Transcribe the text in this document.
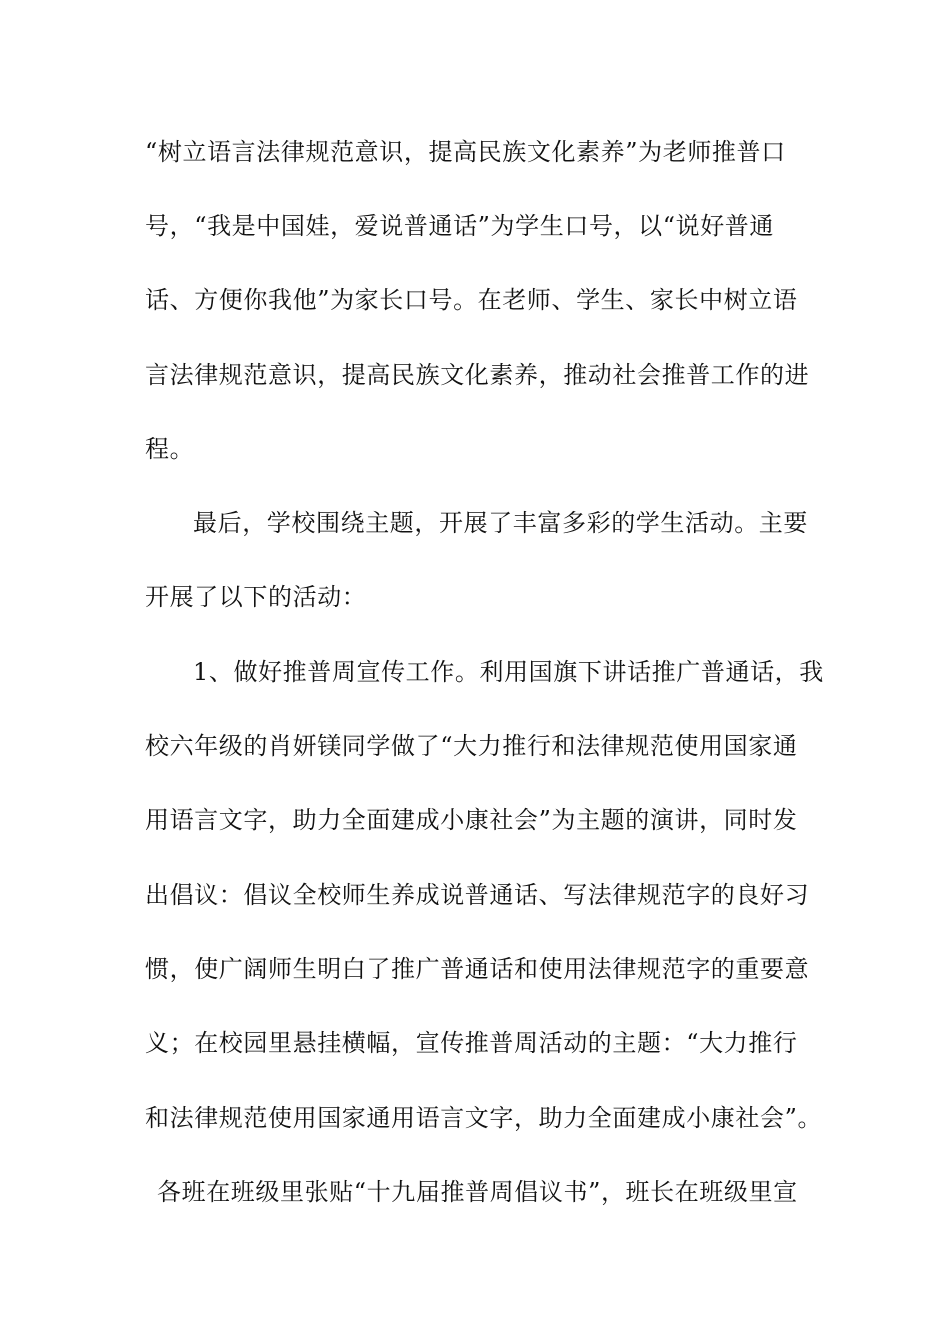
“树立语言法律规范意识，提高民族文化素养”为老师推普口
号，“我是中国娃，爱说普通话”为学生口号，以“说好普通
话、方便你我他”为家长口号。在老师、学生、家长中树立语
言法律规范意识，提高民族文化素养，推动社会推普工作的进
程。
最后，学校围绕主题，开展了丰富多彩的学生活动。主要
开展了以下的活动：
1、做好推普周宣传工作。利用国旗下讲话推广普通话，我
校六年级的肖妍镁同学做了“大力推行和法律规范使用国家通
用语言文字，助力全面建成小康社会”为主题的演讲，同时发
出倡议：倡议全校师生养成说普通话、写法律规范字的良好习
惯，使广阔师生明白了推广普通话和使用法律规范字的重要意
义；在校园里悬挂横幅，宣传推普周活动的主题：“大力推行
和法律规范使用国家通用语言文字，助力全面建成小康社会”。
各班在班级里张贴“十九届推普周倡议书”，班长在班级里宣
